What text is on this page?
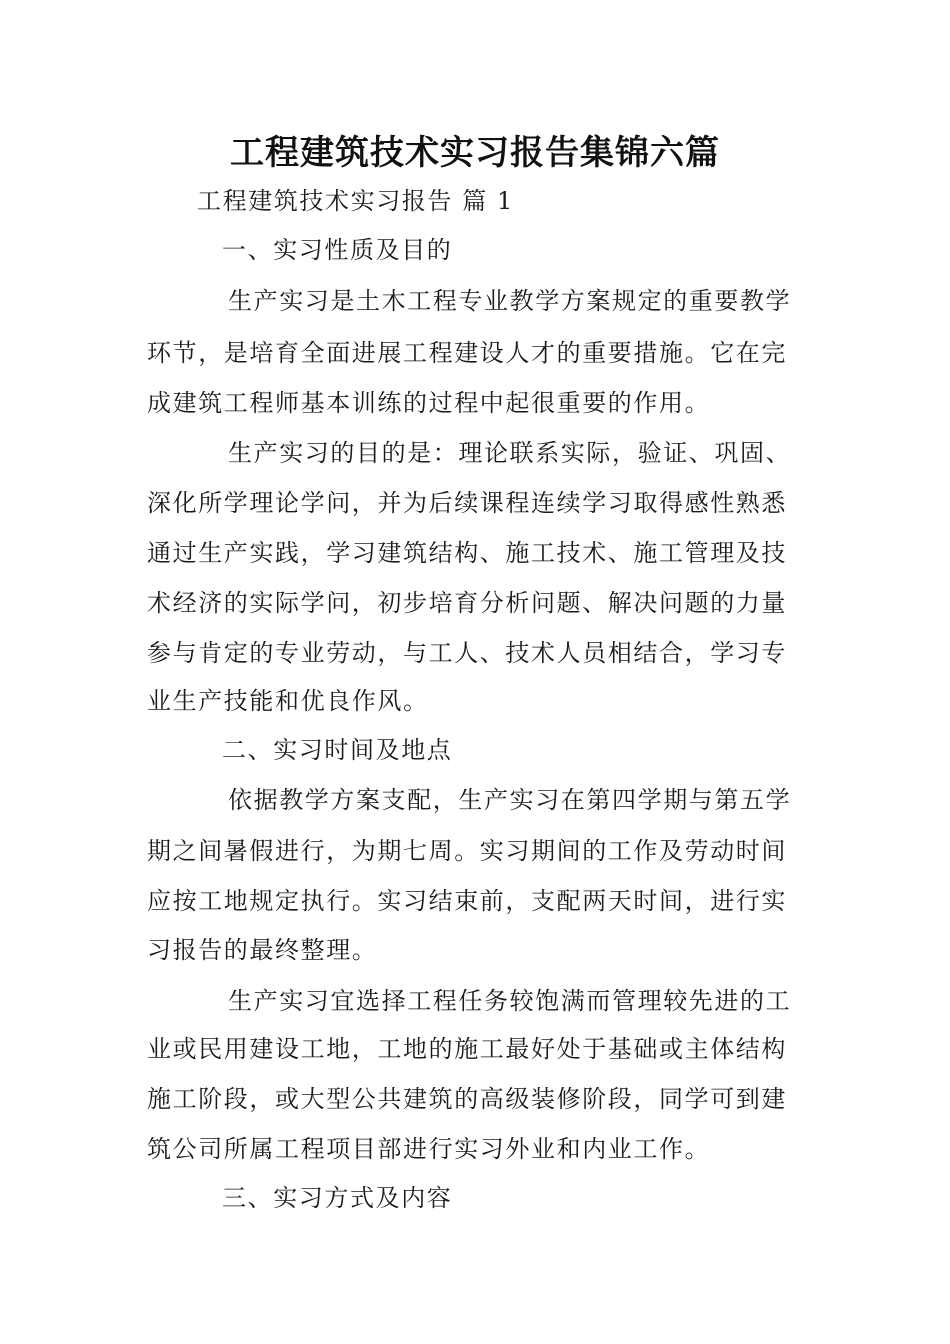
工程建筑技术实习报告集锦六篇
工程建筑技术实习报告 篇 1
一、实习性质及目的
生产实习是土木工程专业教学方案规定的重要教学
环节，是培育全面进展工程建设人才的重要措施。它在完
成建筑工程师基本训练的过程中起很重要的作用。
生产实习的目的是：理论联系实际，验证、巩固、
深化所学理论学问，并为后续课程连续学习取得感性熟悉
通过生产实践，学习建筑结构、施工技术、施工管理及技
术经济的实际学问，初步培育分析问题、解决问题的力量
参与肯定的专业劳动，与工人、技术人员相结合，学习专
业生产技能和优良作风。
二、实习时间及地点
依据教学方案支配，生产实习在第四学期与第五学
期之间暑假进行，为期七周。实习期间的工作及劳动时间
应按工地规定执行。实习结束前，支配两天时间，进行实
习报告的最终整理。
生产实习宜选择工程任务较饱满而管理较先进的工
业或民用建设工地，工地的施工最好处于基础或主体结构
施工阶段，或大型公共建筑的高级装修阶段，同学可到建
筑公司所属工程项目部进行实习外业和内业工作。
三、实习方式及内容
